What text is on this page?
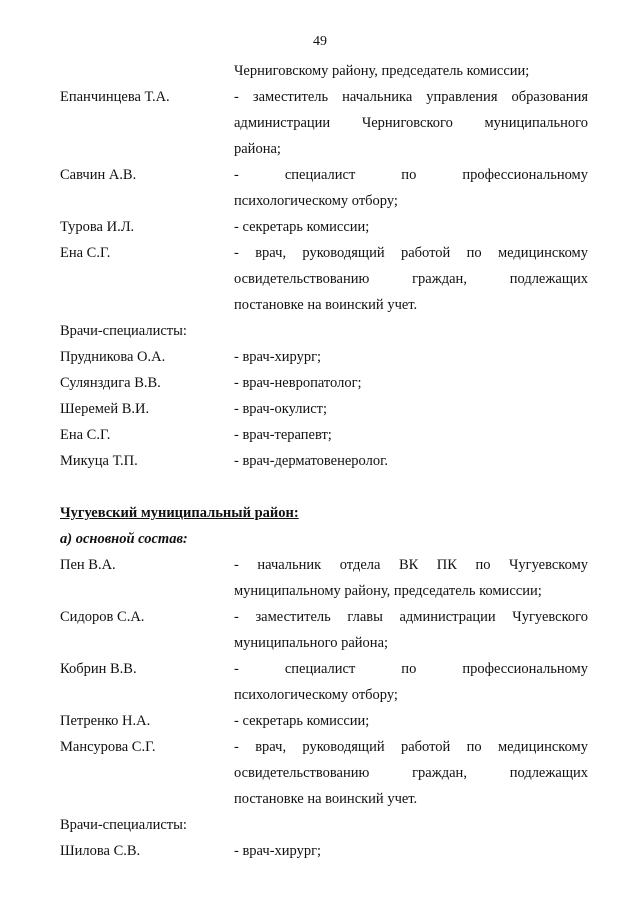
49
Черниговскому району, председатель комиссии;
Епанчинцева Т.А.	- заместитель начальника управления образования
администрации Черниговского муниципального
района;
Савчин А.В.	- специалист по профессиональному
психологическому отбору;
Турова И.Л.	- секретарь комиссии;
Ена С.Г.	- врач, руководящий работой по медицинскому
освидетельствованию граждан, подлежащих
постановке на воинский учет.
Врачи-специалисты:
Прудникова О.А.	- врач-хирург;
Сулянздига В.В.	- врач-невропатолог;
Шеремей В.И.	- врач-окулист;
Ена С.Г.	- врач-терапевт;
Микуца Т.П.	- врач-дерматовенеролог.
Чугуевский муниципальный район:
а) основной состав:
Пен В.А.	- начальник отдела ВК ПК по Чугуевскому
муниципальному району, председатель комиссии;
Сидоров С.А.	- заместитель главы администрации Чугуевского
муниципального района;
Кобрин В.В.	- специалист по профессиональному
психологическому отбору;
Петренко Н.А.	- секретарь комиссии;
Мансурова С.Г.	- врач, руководящий работой по медицинскому
освидетельствованию граждан, подлежащих
постановке на воинский учет.
Врачи-специалисты:
Шилова С.В.	- врач-хирург;
